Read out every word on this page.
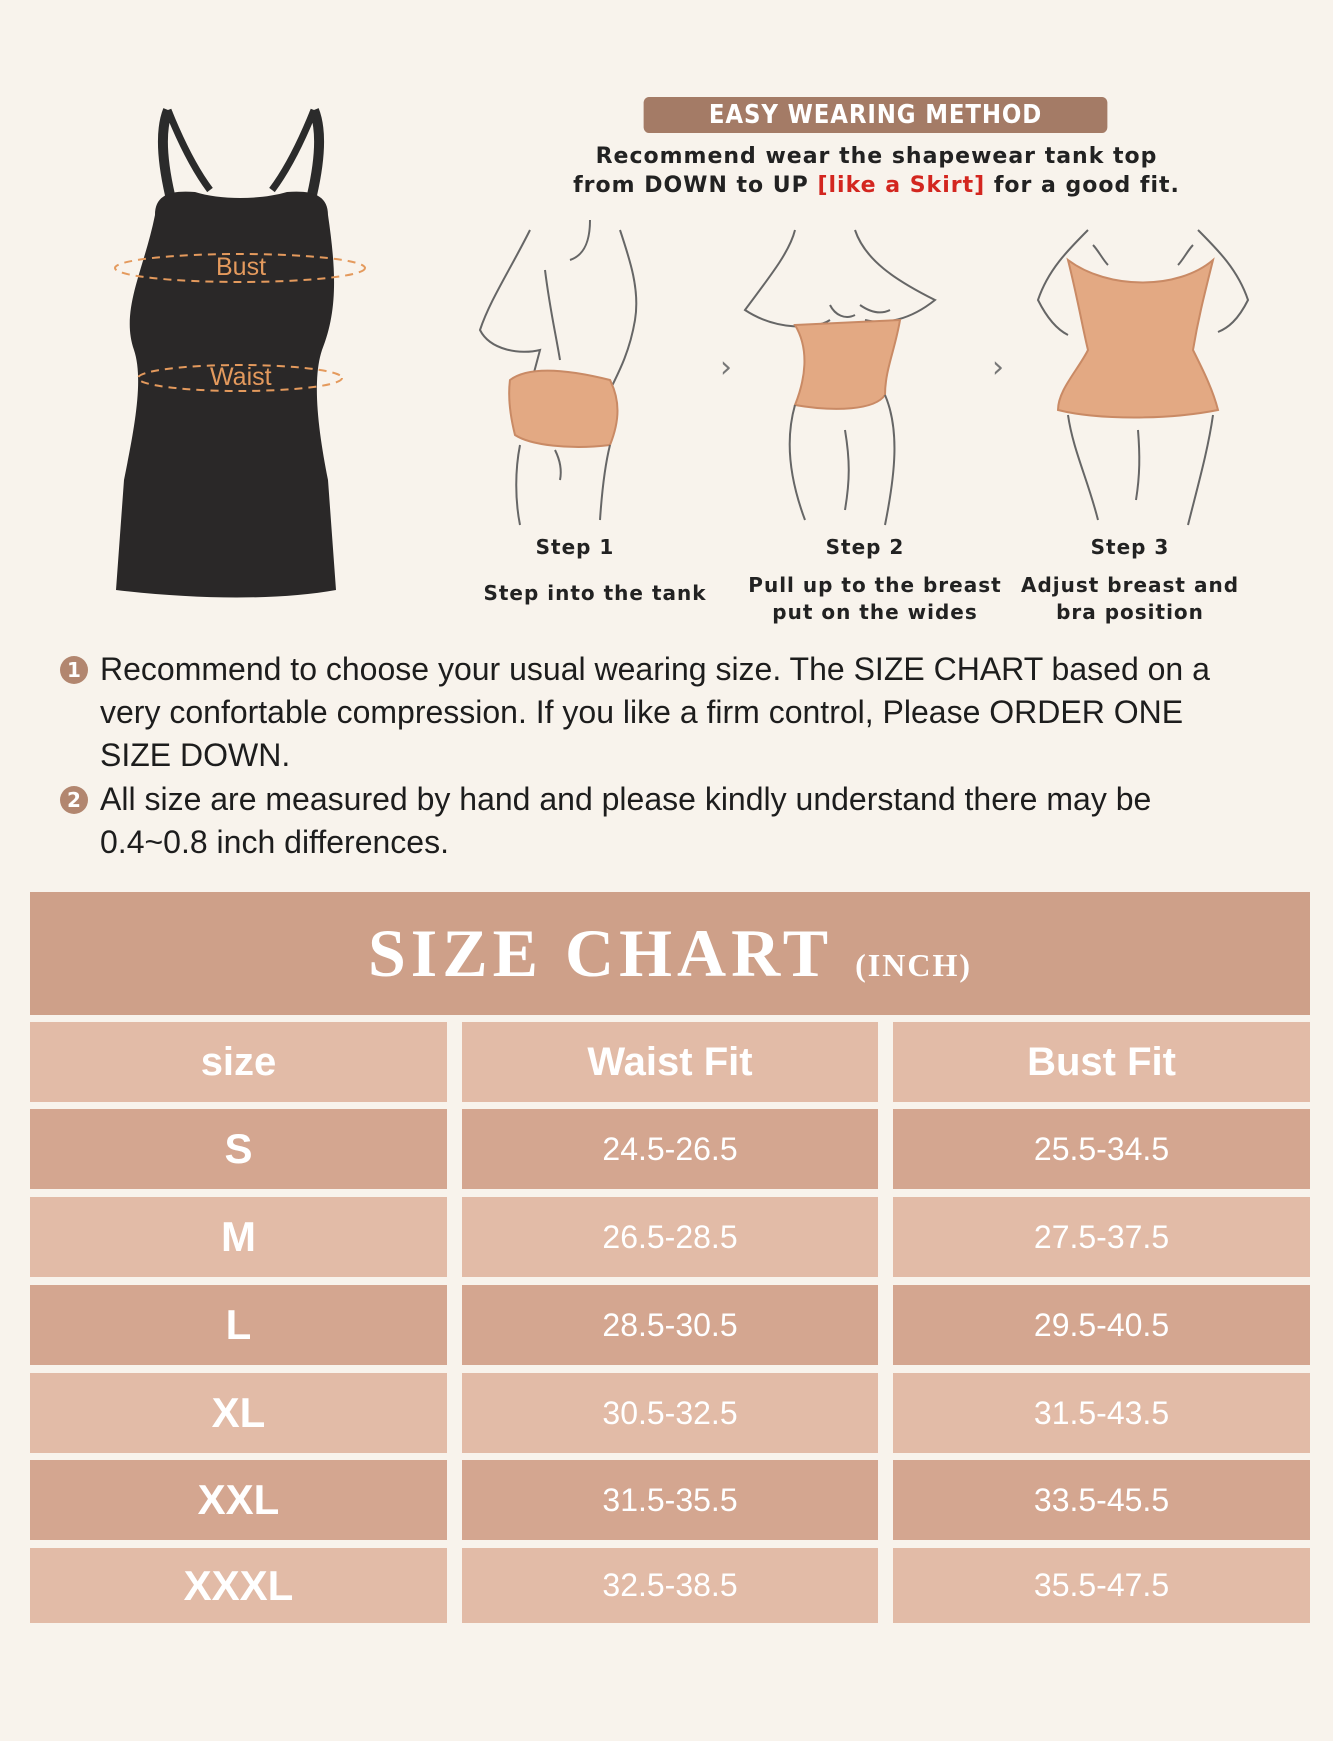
Bust
Waist
EASY WEARING METHOD
Recommend wear the shapewear tank top
from DOWN to UP [like a Skirt] for a good fit.
›	›
Step 1
Step into the tank
Step 2
Pull up to the breast
put on the wides
Step 3
Adjust breast and
bra position
1 Recommend to choose your usual wearing size. The SIZE CHART based on a
very confortable compression. If you like a firm control, Please ORDER ONE
SIZE DOWN.
2 All size are measured by hand and please kindly understand there may be
0.4~0.8 inch differences.
SIZE CHART (INCH)
size	Waist Fit	Bust Fit
S	24.5-26.5	25.5-34.5
M	26.5-28.5	27.5-37.5
L	28.5-30.5	29.5-40.5
XL	30.5-32.5	31.5-43.5
XXL	31.5-35.5	33.5-45.5
XXXL	32.5-38.5	35.5-47.5
